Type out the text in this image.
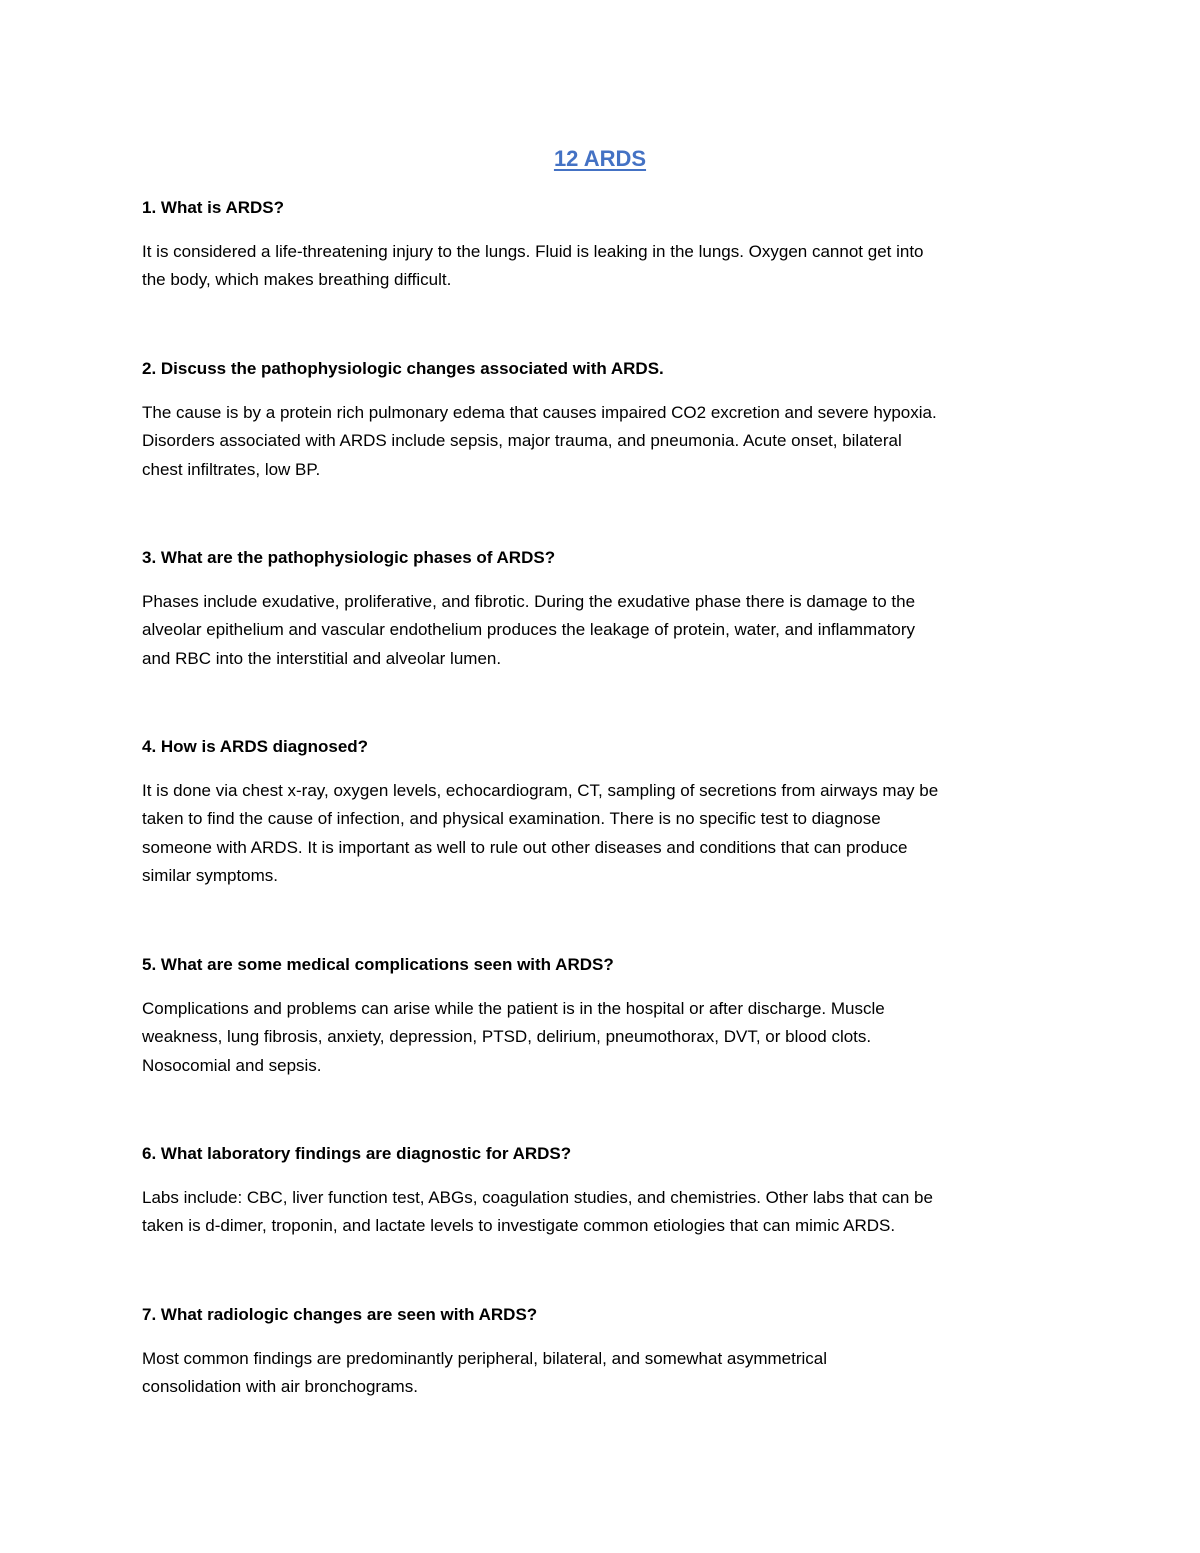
12 ARDS

1. What is ARDS?

It is considered a life-threatening injury to the lungs. Fluid is leaking in the lungs. Oxygen cannot get into
the body, which makes breathing difficult.

2. Discuss the pathophysiologic changes associated with ARDS.

The cause is by a protein rich pulmonary edema that causes impaired CO2 excretion and severe hypoxia.
Disorders associated with ARDS include sepsis, major trauma, and pneumonia. Acute onset, bilateral
chest infiltrates, low BP.

3. What are the pathophysiologic phases of ARDS?

Phases include exudative, proliferative, and fibrotic. During the exudative phase there is damage to the
alveolar epithelium and vascular endothelium produces the leakage of protein, water, and inflammatory
and RBC into the interstitial and alveolar lumen.

4. How is ARDS diagnosed?

It is done via chest x-ray, oxygen levels, echocardiogram, CT, sampling of secretions from airways may be
taken to find the cause of infection, and physical examination. There is no specific test to diagnose
someone with ARDS. It is important as well to rule out other diseases and conditions that can produce
similar symptoms.

5. What are some medical complications seen with ARDS?

Complications and problems can arise while the patient is in the hospital or after discharge. Muscle
weakness, lung fibrosis, anxiety, depression, PTSD, delirium, pneumothorax, DVT, or blood clots.
Nosocomial and sepsis.

6. What laboratory findings are diagnostic for ARDS?

Labs include: CBC, liver function test, ABGs, coagulation studies, and chemistries. Other labs that can be
taken is d-dimer, troponin, and lactate levels to investigate common etiologies that can mimic ARDS.

7. What radiologic changes are seen with ARDS?

Most common findings are predominantly peripheral, bilateral, and somewhat asymmetrical
consolidation with air bronchograms.
